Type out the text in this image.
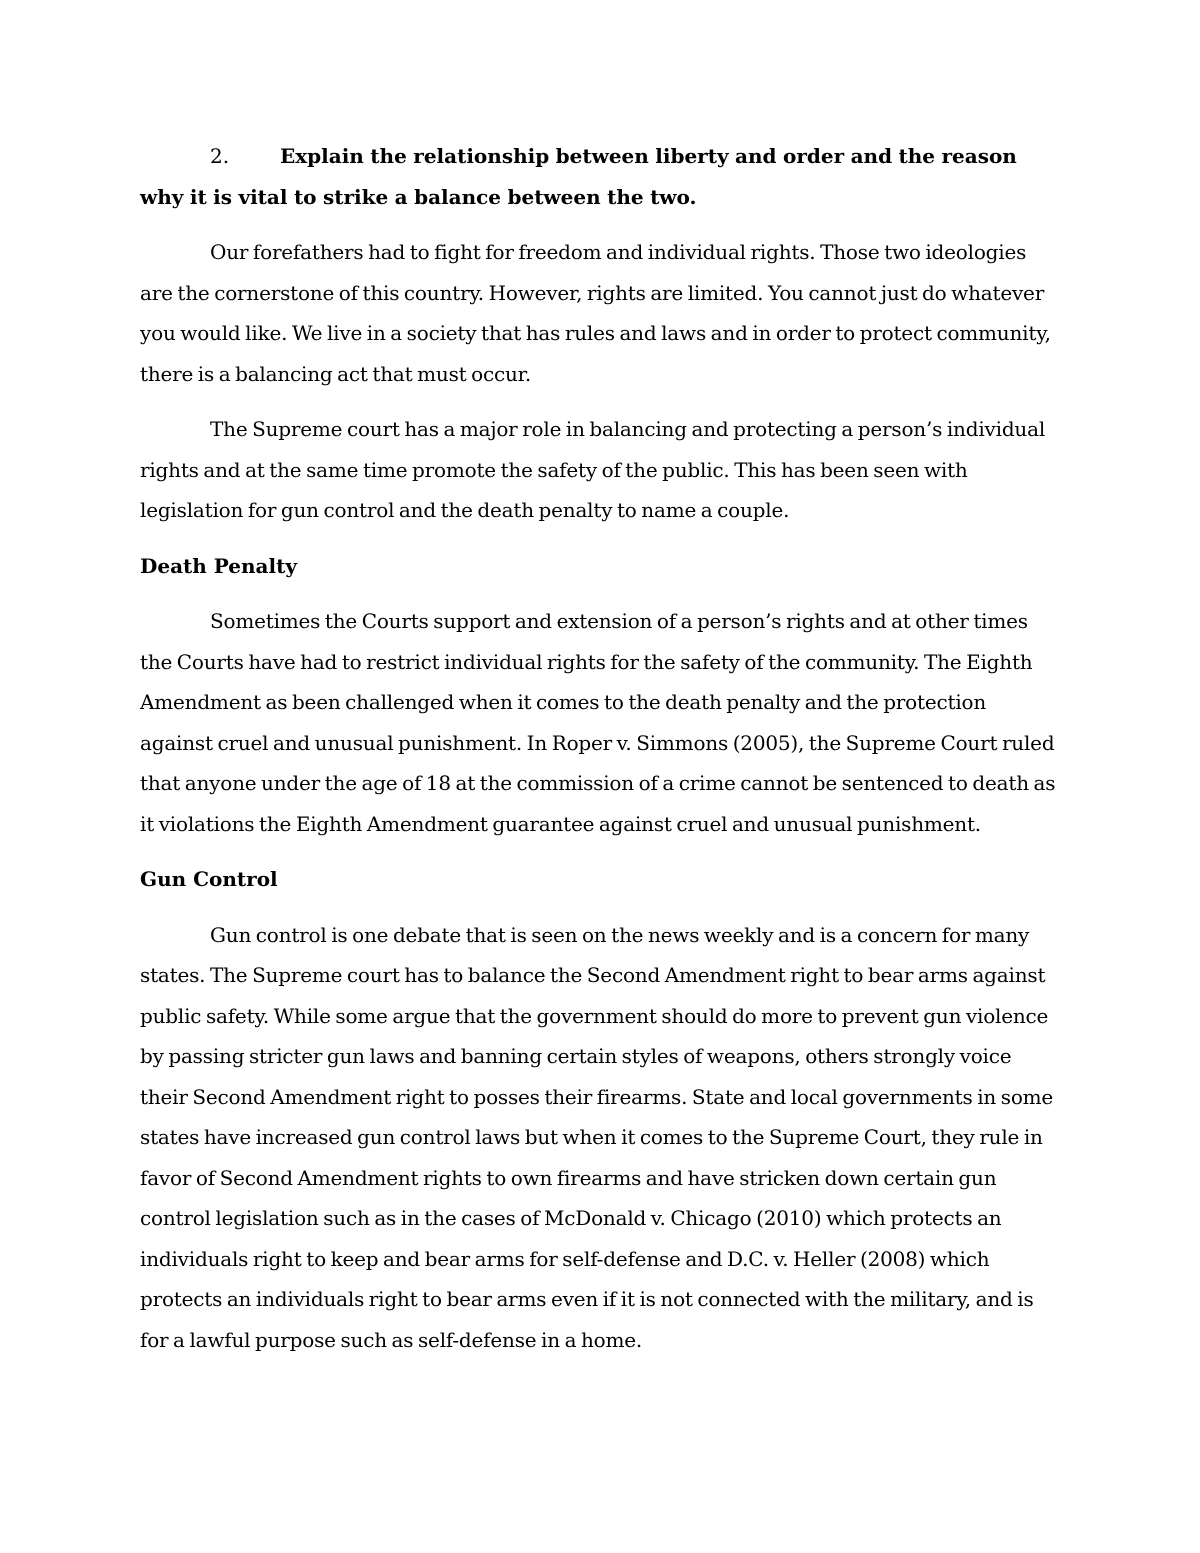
2.	Explain the relationship between liberty and order and the reason why it is vital to strike a balance between the two.

Our forefathers had to fight for freedom and individual rights. Those two ideologies are the cornerstone of this country. However, rights are limited. You cannot just do whatever you would like. We live in a society that has rules and laws and in order to protect community, there is a balancing act that must occur.

The Supreme court has a major role in balancing and protecting a person’s individual rights and at the same time promote the safety of the public. This has been seen with legislation for gun control and the death penalty to name a couple.

Death Penalty

Sometimes the Courts support and extension of a person’s rights and at other times the Courts have had to restrict individual rights for the safety of the community. The Eighth Amendment as been challenged when it comes to the death penalty and the protection against cruel and unusual punishment. In Roper v. Simmons (2005), the Supreme Court ruled that anyone under the age of 18 at the commission of a crime cannot be sentenced to death as it violations the Eighth Amendment guarantee against cruel and unusual punishment.

Gun Control

Gun control is one debate that is seen on the news weekly and is a concern for many states. The Supreme court has to balance the Second Amendment right to bear arms against public safety. While some argue that the government should do more to prevent gun violence by passing stricter gun laws and banning certain styles of weapons, others strongly voice their Second Amendment right to posses their firearms. State and local governments in some states have increased gun control laws but when it comes to the Supreme Court, they rule in favor of Second Amendment rights to own firearms and have stricken down certain gun control legislation such as in the cases of McDonald v. Chicago (2010) which protects an individuals right to keep and bear arms for self-defense and D.C. v. Heller (2008) which protects an individuals right to bear arms even if it is not connected with the military, and is for a lawful purpose such as self-defense in a home.
